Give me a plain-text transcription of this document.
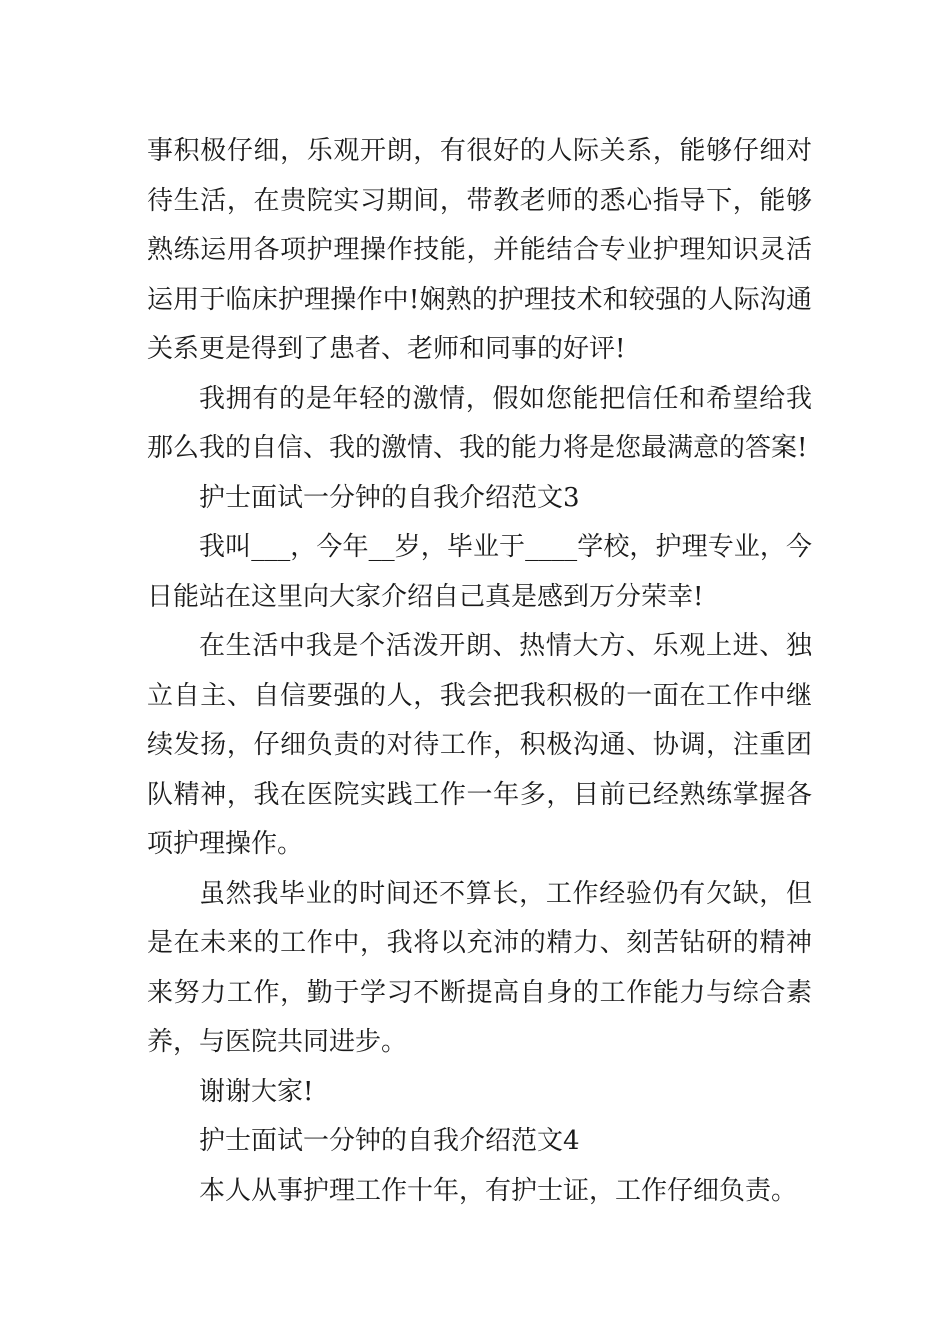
事积极仔细，乐观开朗，有很好的人际关系，能够仔细对待生活，在贵院实习期间，带教老师的悉心指导下，能够熟练运用各项护理操作技能，并能结合专业护理知识灵活运用于临床护理操作中!娴熟的护理技术和较强的人际沟通关系更是得到了患者、老师和同事的好评!

我拥有的是年轻的激情，假如您能把信任和希望给我那么我的自信、我的激情、我的能力将是您最满意的答案!

护士面试一分钟的自我介绍范文3

我叫___，今年__岁，毕业于____学校，护理专业，今日能站在这里向大家介绍自己真是感到万分荣幸!

在生活中我是个活泼开朗、热情大方、乐观上进、独立自主、自信要强的人，我会把我积极的一面在工作中继续发扬，仔细负责的对待工作，积极沟通、协调，注重团队精神，我在医院实践工作一年多，目前已经熟练掌握各项护理操作。

虽然我毕业的时间还不算长，工作经验仍有欠缺，但是在未来的工作中，我将以充沛的精力、刻苦钻研的精神来努力工作，勤于学习不断提高自身的工作能力与综合素养，与医院共同进步。

谢谢大家!

护士面试一分钟的自我介绍范文4

本人从事护理工作十年，有护士证，工作仔细负责。
